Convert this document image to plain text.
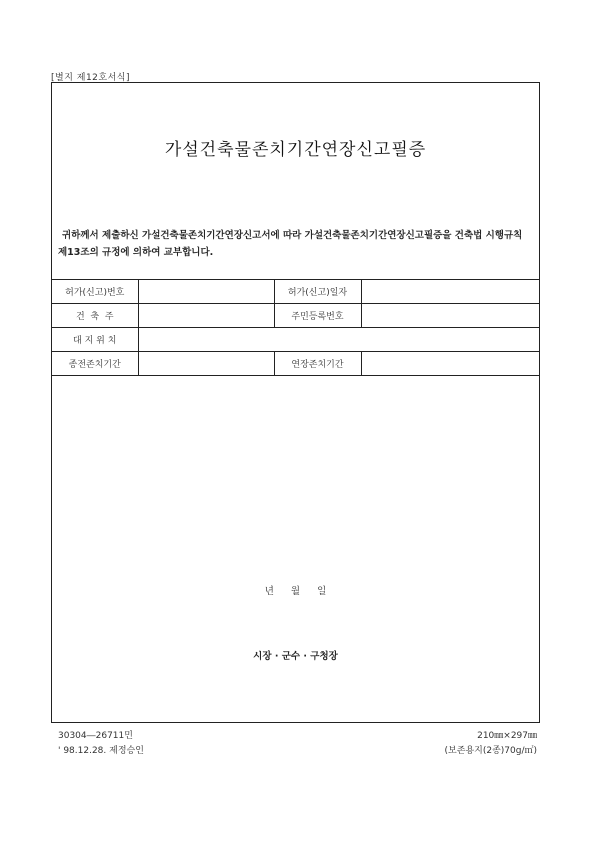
[별지 제12호서식]
가설건축물존치기간연장신고필증
귀하께서 제출하신 가설건축물존치기간연장신고서에 따라 가설건축물존치기간연장신고필증을 건축법 시행규칙 제13조의 규정에 의하여 교부합니다.
허가(신고)번호		허가(신고)일자	
건  축  주		주민등록번호	
대 지 위 치			
종전존치기간		연장존치기간	
년 월 일
시장 · 군수 · 구청장
30304―26711민
' 98.12.28. 제정승인
210㎜×297㎜
(보존용지(2종)70g/㎡)
